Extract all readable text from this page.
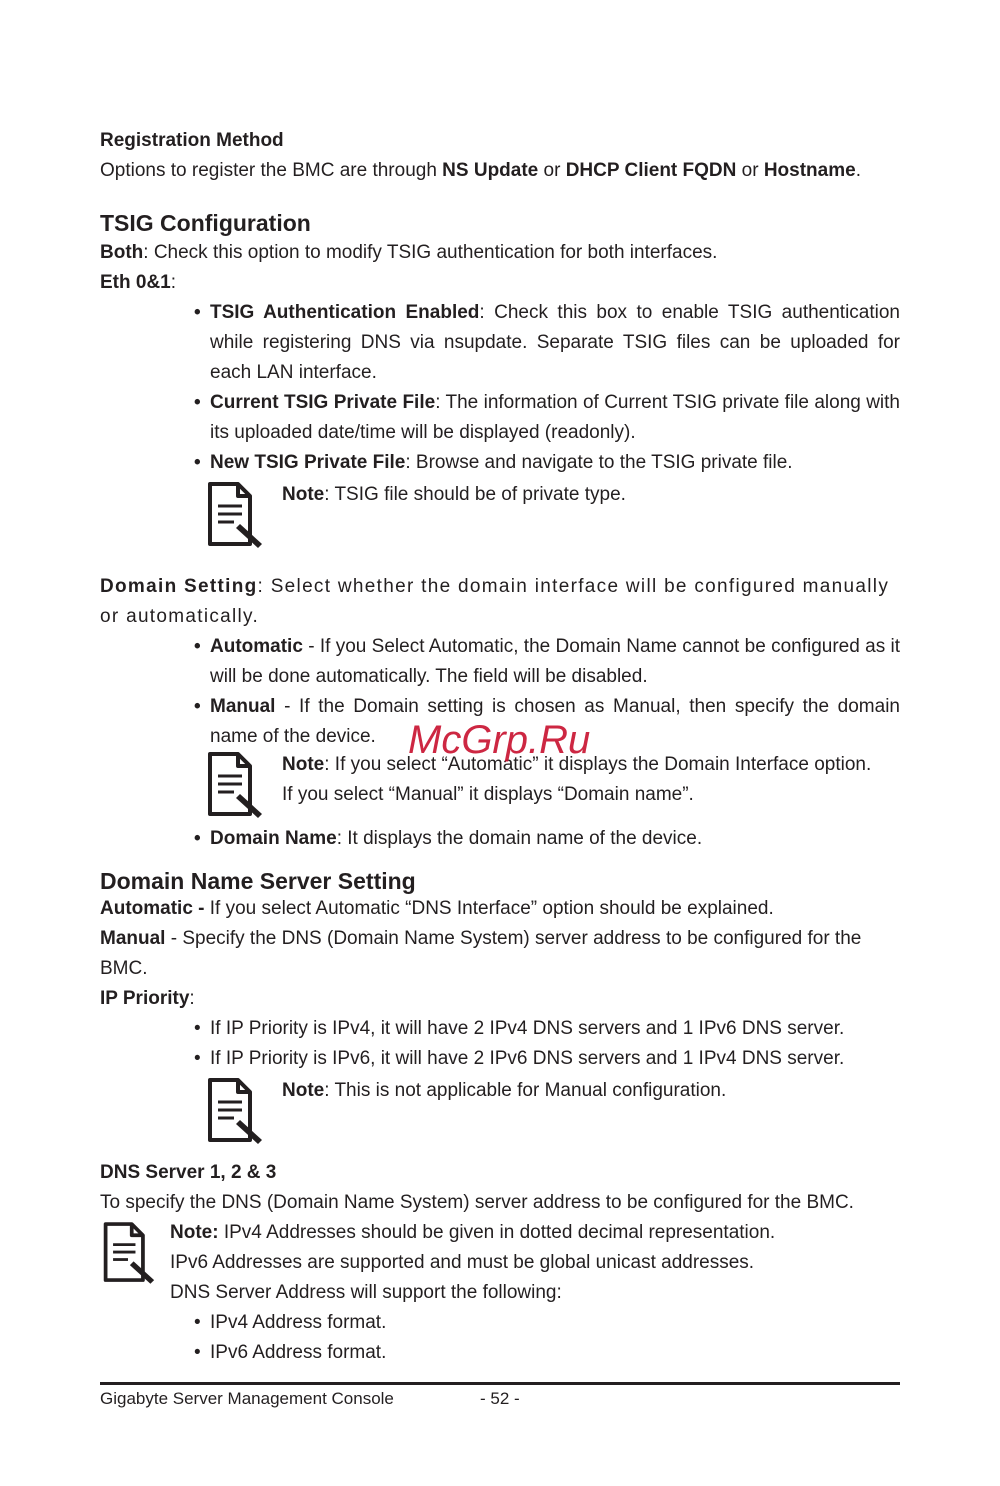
Registration Method

Options to register the BMC are through NS Update or DHCP Client FQDN or Hostname.

TSIG Configuration

Both: Check this option to modify TSIG authentication for both interfaces.

Eth 0&1:

• TSIG Authentication Enabled: Check this box to enable TSIG authentication while registering DNS via nsupdate. Separate TSIG files can be uploaded for each LAN interface.
• Current TSIG Private File: The information of Current TSIG private file along with its uploaded date/time will be displayed (readonly).
• New TSIG Private File: Browse and navigate to the TSIG private file.

Note: TSIG file should be of private type.

Domain Setting: Select whether the domain interface will be configured manually or automatically.

• Automatic - If you Select Automatic, the Domain Name cannot be configured as it will be done automatically. The field will be disabled.
• Manual - If the Domain setting is chosen as Manual, then specify the domain name of the device.

Note: If you select “Automatic” it displays the Domain Interface option. If you select “Manual” it displays “Domain name”.

• Domain Name: It displays the domain name of the device.

Domain Name Server Setting

Automatic - If you select Automatic “DNS Interface” option should be explained.

Manual - Specify the DNS (Domain Name System) server address to be configured for the BMC.

IP Priority:

• If IP Priority is IPv4, it will have 2 IPv4 DNS servers and 1 IPv6 DNS server.
• If IP Priority is IPv6, it will have 2 IPv6 DNS servers and 1 IPv4 DNS server.

Note: This is not applicable for Manual configuration.

DNS Server 1, 2 & 3

To specify the DNS (Domain Name System) server address to be configured for the BMC.

Note: IPv4 Addresses should be given in dotted decimal representation.

IPv6 Addresses are supported and must be global unicast addresses.

DNS Server Address will support the following:

• IPv4 Address format.
• IPv6 Address format.
McGrp.Ru
Gigabyte Server Management Console	- 52 -
